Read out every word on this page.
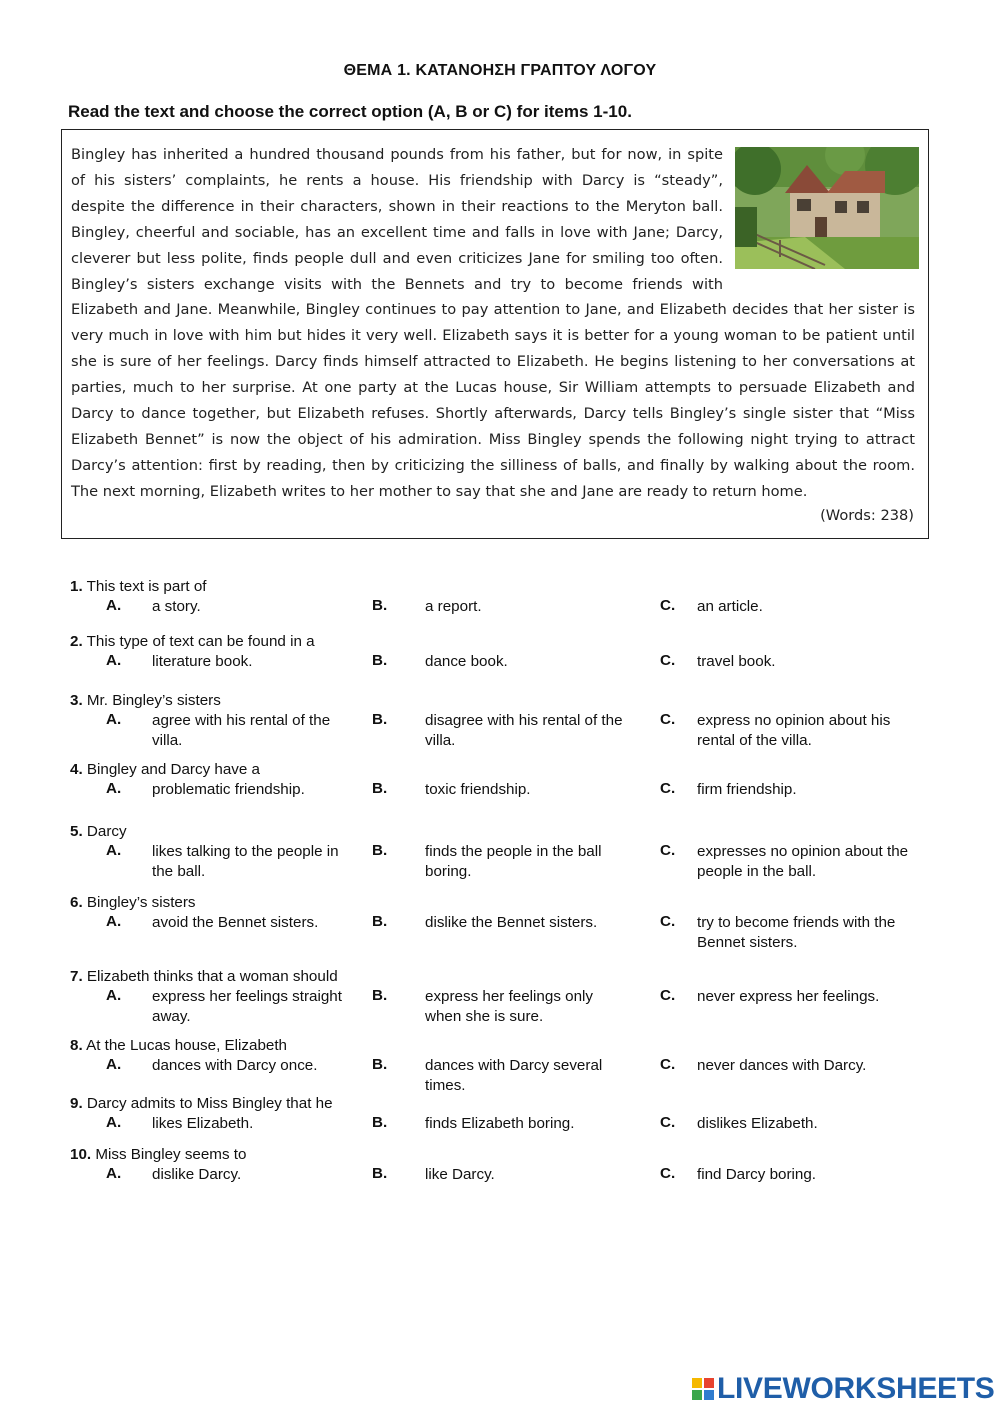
ΘΕΜΑ 1. ΚΑΤΑΝΟΗΣΗ ΓΡΑΠΤΟΥ ΛΟΓΟΥ
Read the text and choose the correct option (A, B or C) for items 1-10.

Bingley has inherited a hundred thousand pounds from his father, but for now, in spite of his sisters’ complaints, he rents a house. His friendship with Darcy is “steady”, despite the difference in their characters, shown in their reactions to the Meryton ball. Bingley, cheerful and sociable, has an excellent time and falls in love with Jane; Darcy, cleverer but less polite, finds people dull and even criticizes Jane for smiling too often. Bingley’s sisters exchange visits with the Bennets and try to become friends with Elizabeth and Jane. Meanwhile, Bingley continues to pay attention to Jane, and Elizabeth decides that her sister is very much in love with him but hides it very well. Elizabeth says it is better for a young woman to be patient until she is sure of her feelings. Darcy finds himself attracted to Elizabeth. He begins listening to her conversations at parties, much to her surprise. At one party at the Lucas house, Sir William attempts to persuade Elizabeth and Darcy to dance together, but Elizabeth refuses. Shortly afterwards, Darcy tells Bingley’s single sister that “Miss Elizabeth Bennet” is now the object of his admiration. Miss Bingley spends the following night trying to attract Darcy’s attention: first by reading, then by criticizing the silliness of balls, and finally by walking about the room. The next morning, Elizabeth writes to her mother to say that she and Jane are ready to return home.

(Words: 238)
1. This text is part of
A. a story.	B. a report.	C. an article.
2. This type of text can be found in a
A. literature book.	B. dance book.	C. travel book.
3. Mr. Bingley’s sisters
A. agree with his rental of the villa.
B. disagree with his rental of the villa.
C. express no opinion about his rental of the villa.
4. Bingley and Darcy have a
A. problematic friendship.	B. toxic friendship.	C. firm friendship.
5. Darcy
A. likes talking to the people in the ball.
B. finds the people in the ball boring.
C. expresses no opinion about the people in the ball.
6. Bingley’s sisters
A. avoid the Bennet sisters.	B. dislike the Bennet sisters.	C. try to become friends with the Bennet sisters.
7. Elizabeth thinks that a woman should
A. express her feelings straight away.
B. express her feelings only when she is sure.
C. never express her feelings.
8. At the Lucas house, Elizabeth
A. dances with Darcy once.	B. dances with Darcy several times.
C. never dances with Darcy.
9. Darcy admits to Miss Bingley that he
A. likes Elizabeth.	B. finds Elizabeth boring.	C. dislikes Elizabeth.
10. Miss Bingley seems to
A. dislike Darcy.	B. like Darcy.	C. find Darcy boring.
LIVEWORKSHEETS
